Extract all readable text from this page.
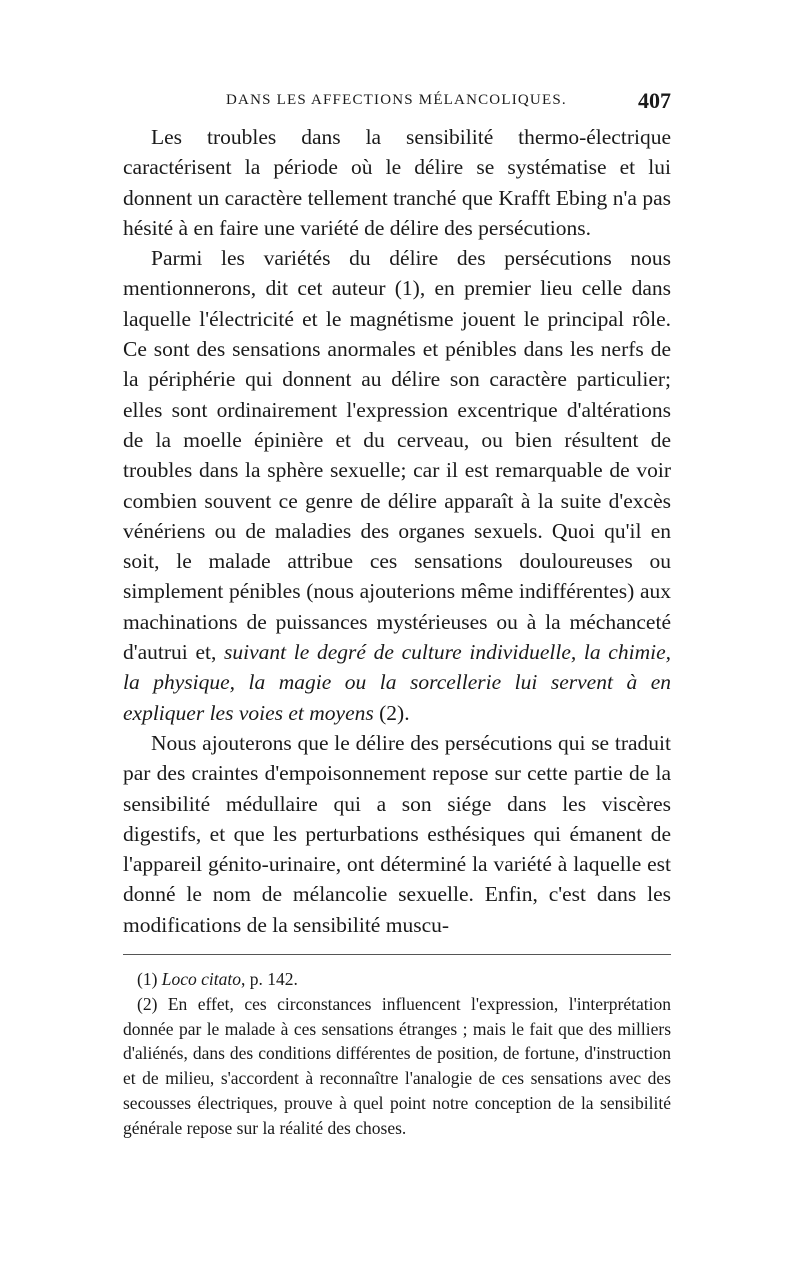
DANS LES AFFECTIONS MÉLANCOLIQUES.	407

Les troubles dans la sensibilité thermo-électrique caractérisent la période où le délire se systématise et lui donnent un caractère tellement tranché que Krafft Ebing n'a pas hésité à en faire une variété de délire des persécutions.

Parmi les variétés du délire des persécutions nous mentionnerons, dit cet auteur (1), en premier lieu celle dans laquelle l'électricité et le magnétisme jouent le principal rôle. Ce sont des sensations anormales et pénibles dans les nerfs de la périphérie qui donnent au délire son caractère particulier; elles sont ordinairement l'expression excentrique d'altérations de la moelle épinière et du cerveau, ou bien résultent de troubles dans la sphère sexuelle; car il est remarquable de voir combien souvent ce genre de délire apparaît à la suite d'excès vénériens ou de maladies des organes sexuels. Quoi qu'il en soit, le malade attribue ces sensations douloureuses ou simplement pénibles (nous ajouterions même indifférentes) aux machinations de puissances mystérieuses ou à la méchanceté d'autrui et, suivant le degré de culture individuelle, la chimie, la physique, la magie ou la sorcellerie lui servent à en expliquer les voies et moyens (2).

Nous ajouterons que le délire des persécutions qui se traduit par des craintes d'empoisonnement repose sur cette partie de la sensibilité médullaire qui a son siége dans les viscères digestifs, et que les perturbations esthésiques qui émanent de l'appareil génito-urinaire, ont déterminé la variété à laquelle est donné le nom de mélancolie sexuelle. Enfin, c'est dans les modifications de la sensibilité muscu-

(1) Loco citato, p. 142.

(2) En effet, ces circonstances influencent l'expression, l'interprétation donnée par le malade à ces sensations étranges ; mais le fait que des milliers d'aliénés, dans des conditions différentes de position, de fortune, d'instruction et de milieu, s'accordent à reconnaître l'analogie de ces sensations avec des secousses électriques, prouve à quel point notre conception de la sensibilité générale repose sur la réalité des choses.
